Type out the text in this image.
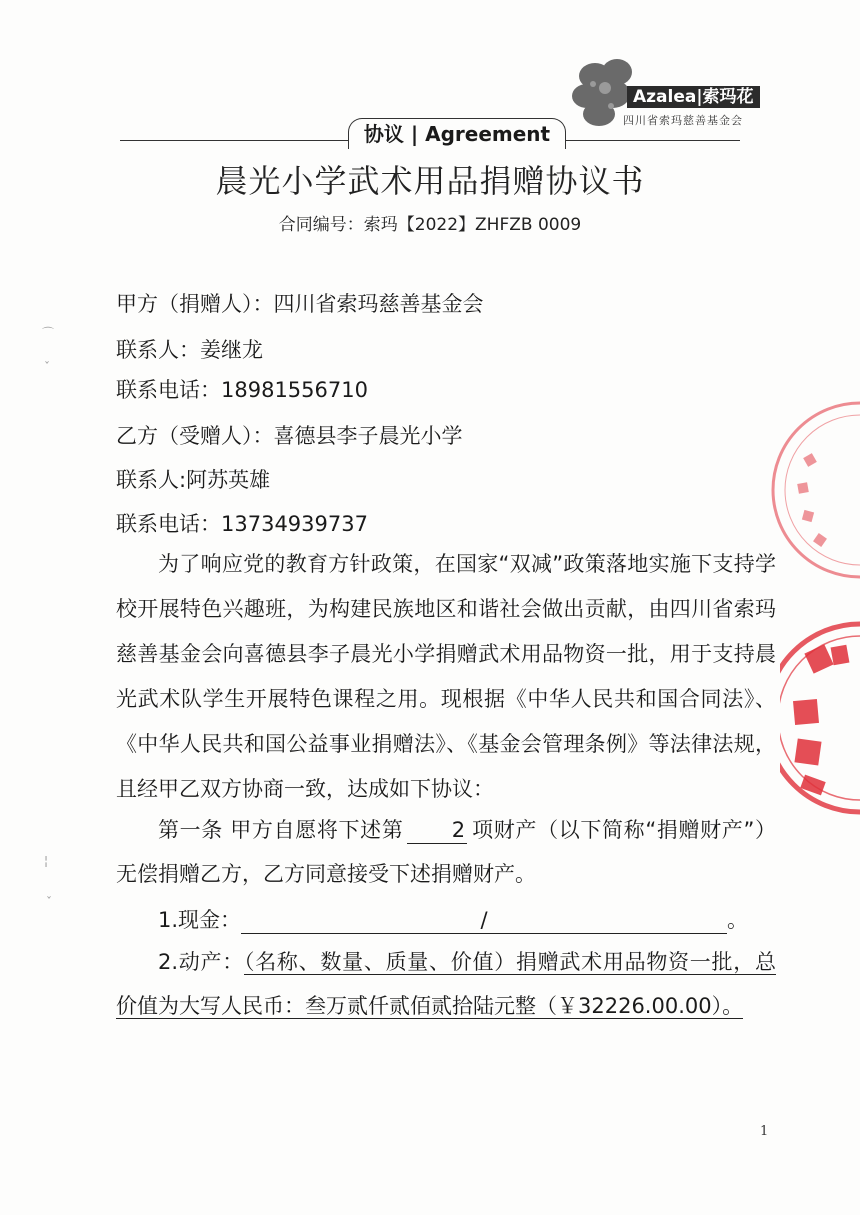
Azalea|索玛花
四川省索玛慈善基金会
协议 | Agreement
晨光小学武术用品捐赠协议书
合同编号：索玛【2022】ZHFZB 0009
甲方（捐赠人）：四川省索玛慈善基金会
联系人：姜继龙
联系电话：18981556710
乙方（受赠人）：喜德县李子晨光小学
联系人:阿苏英雄
联系电话：13734939737
为了响应党的教育方针政策，在国家“双减”政策落地实施下支持学校开展特色兴趣班，为构建民族地区和谐社会做出贡献，由四川省索玛慈善基金会向喜德县李子晨光小学捐赠武术用品物资一批，用于支持晨光武术队学生开展特色课程之用。现根据《中华人民共和国合同法》、《中华人民共和国公益事业捐赠法》、《基金会管理条例》等法律法规，且经甲乙双方协商一致，达成如下协议：
第一条 甲方自愿将下述第 2 项财产（以下简称“捐赠财产”）无偿捐赠乙方，乙方同意接受下述捐赠财产。
1.现金：	/	。
2.动产：（名称、数量、质量、价值）捐赠武术用品物资一批，总价值为大写人民币：叁万贰仟贰佰贰拾陆元整（￥32226.00.00）。
⌒
ˇ
¦
ˇ
1
